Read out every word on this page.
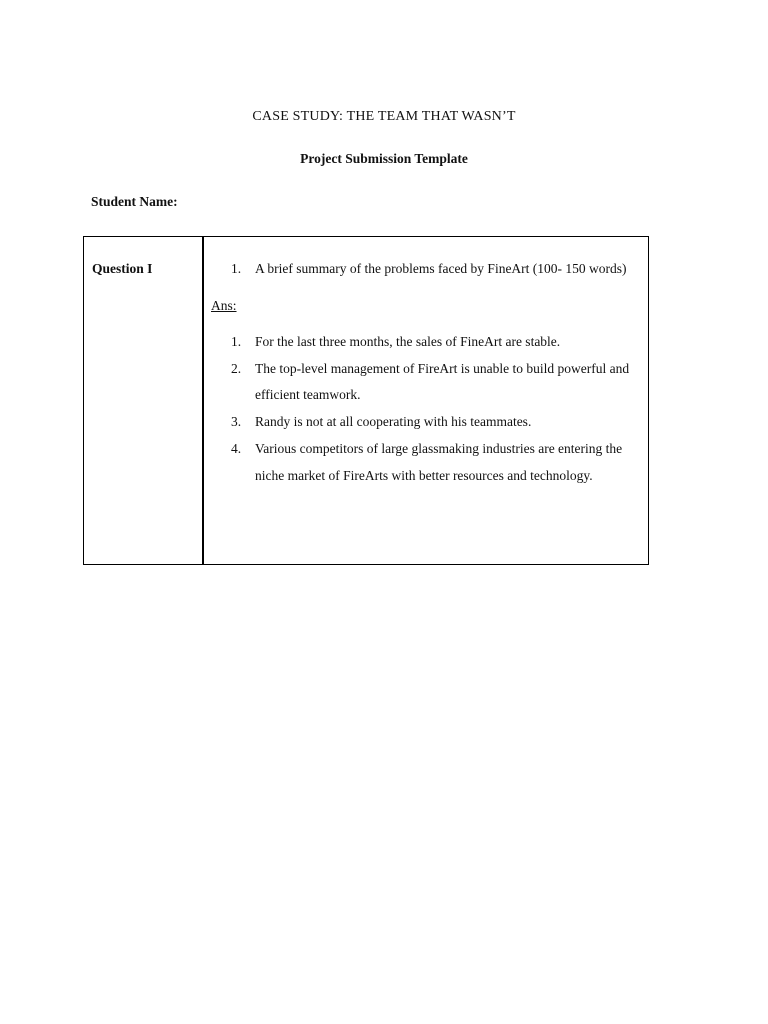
CASE STUDY: THE TEAM THAT WASN’T
Project Submission Template
Student Name:
Question I	1. A brief summary of the problems faced by FineArt (100- 150 words)
Ans:
1. For the last three months, the sales of FineArt are stable.
2. The top-level management of FireArt is unable to build powerful and efficient teamwork.
3. Randy is not at all cooperating with his teammates.
4. Various competitors of large glassmaking industries are entering the niche market of FireArts with better resources and technology.
